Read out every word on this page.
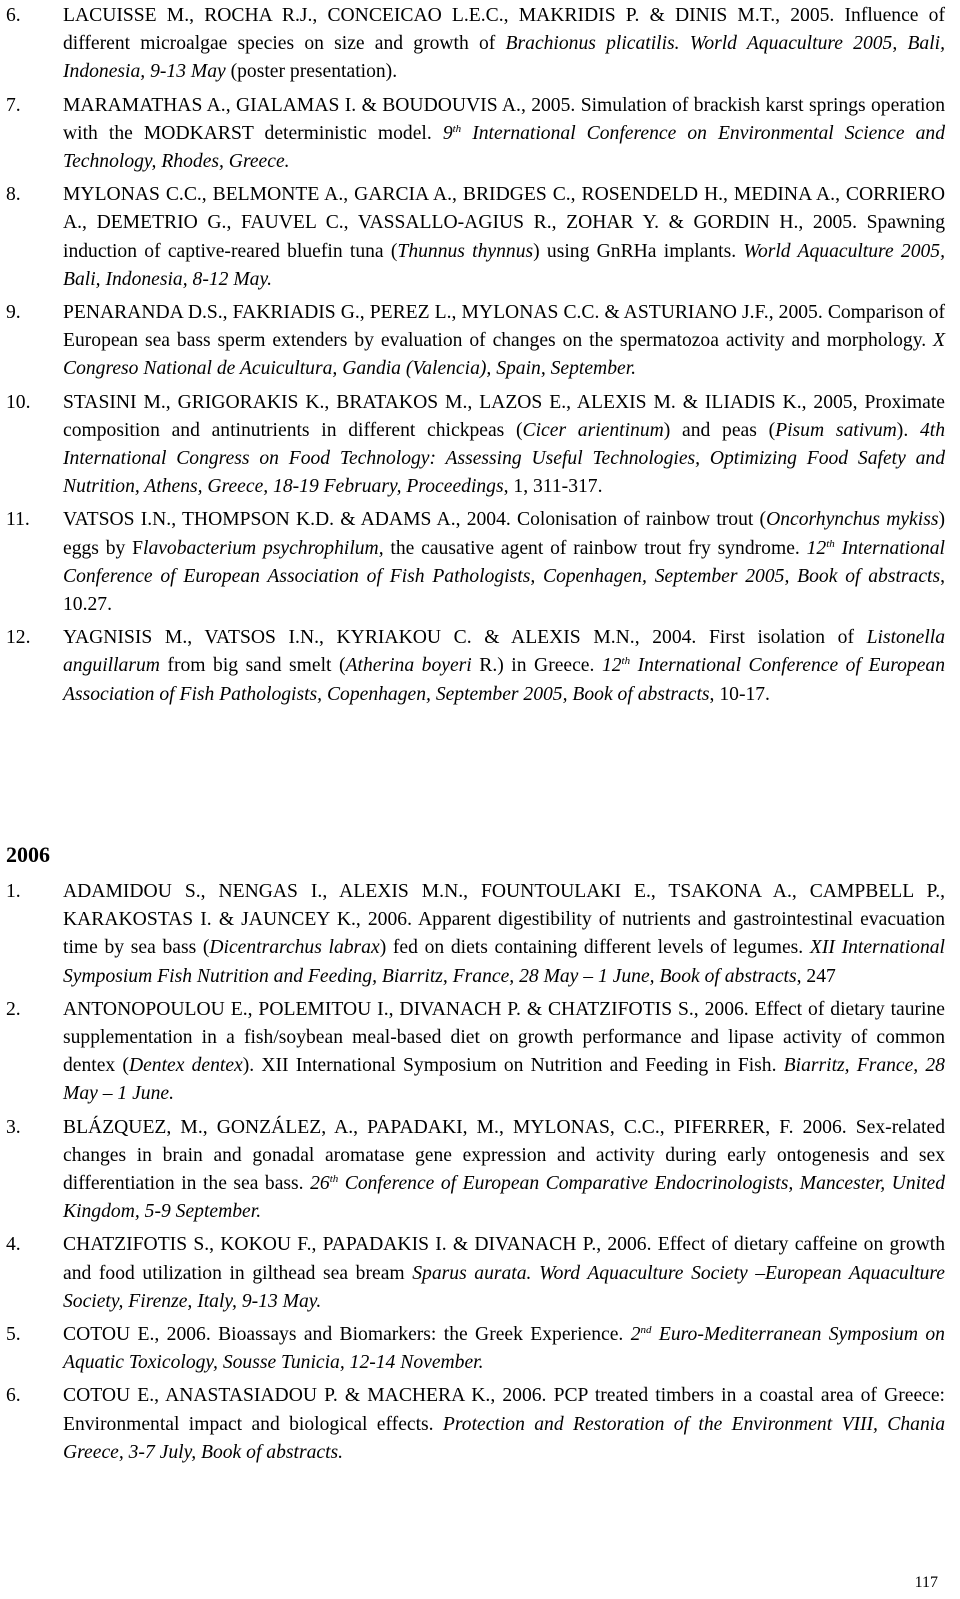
6. LACUISSE M., ROCHA R.J., CONCEICAO L.E.C., MAKRIDIS P. & DINIS M.T., 2005. Influence of different microalgae species on size and growth of Brachionus plicatilis. World Aquaculture 2005, Bali, Indonesia, 9-13 May (poster presentation).
7. MARAMATHAS A., GIALAMAS I. & BOUDOUVIS A., 2005. Simulation of brackish karst springs operation with the MODKARST deterministic model. 9th International Conference on Environmental Science and Technology, Rhodes, Greece.
8. MYLONAS C.C., BELMONTE A., GARCIA A., BRIDGES C., ROSENDELD H., MEDINA A., CORRIERO A., DEMETRIO G., FAUVEL C., VASSALLO-AGIUS R., ZOHAR Y. & GORDIN H., 2005. Spawning induction of captive-reared bluefin tuna (Thunnus thynnus) using GnRHa implants. World Aquaculture 2005, Bali, Indonesia, 8-12 May.
9. PENARANDA D.S., FAKRIADIS G., PEREZ L., MYLONAS C.C. & ASTURIANO J.F., 2005. Comparison of European sea bass sperm extenders by evaluation of changes on the spermatozoa activity and morphology. X Congreso National de Acuicultura, Gandia (Valencia), Spain, September.
10. STASINI M., GRIGORAKIS K., BRATAKOS M., LAZOS E., ALEXIS M. & ILIADIS K., 2005, Proximate composition and antinutrients in different chickpeas (Cicer arientinum) and peas (Pisum sativum). 4th International Congress on Food Technology: Assessing Useful Technologies, Optimizing Food Safety and Nutrition, Athens, Greece, 18-19 February, Proceedings, 1, 311-317.
11. VATSOS I.N., THOMPSON K.D. & ADAMS A., 2004. Colonisation of rainbow trout (Oncorhynchus mykiss) eggs by Flavobacterium psychrophilum, the causative agent of rainbow trout fry syndrome. 12th International Conference of European Association of Fish Pathologists, Copenhagen, September 2005, Book of abstracts, 10.27.
12. YAGNISIS M., VATSOS I.N., KYRIAKOU C. & ALEXIS M.N., 2004. First isolation of Listonella anguillarum from big sand smelt (Atherina boyeri R.) in Greece. 12th International Conference of European Association of Fish Pathologists, Copenhagen, September 2005, Book of abstracts, 10-17.
2006
1. ADAMIDOU S., NENGAS I., ALEXIS M.N., FOUNTOULAKI E., TSAKONA A., CAMPBELL P., KARAKOSTAS I. & JAUNCEY K., 2006. Apparent digestibility of nutrients and gastrointestinal evacuation time by sea bass (Dicentrarchus labrax) fed on diets containing different levels of legumes. XII International Symposium Fish Nutrition and Feeding, Biarritz, France, 28 May – 1 June, Book of abstracts, 247
2. ANTONOPOULOU E., POLEMITOU I., DIVANACH P. & CHATZIFOTIS S., 2006. Effect of dietary taurine supplementation in a fish/soybean meal-based diet on growth performance and lipase activity of common dentex (Dentex dentex). XII International Symposium on Nutrition and Feeding in Fish. Biarritz, France, 28 May – 1 June.
3. BLÁZQUEZ, M., GONZÁLEZ, A., PAPADAKI, M., MYLONAS, C.C., PIFERRER, F. 2006. Sex-related changes in brain and gonadal aromatase gene expression and activity during early ontogenesis and sex differentiation in the sea bass. 26th Conference of European Comparative Endocrinologists, Mancester, United Kingdom, 5-9 September.
4. CHATZIFOTIS S., KOKOU F., PAPADAKIS I. & DIVANACH P., 2006. Effect of dietary caffeine on growth and food utilization in gilthead sea bream Sparus aurata. Word Aquaculture Society –European Aquaculture Society, Firenze, Italy, 9-13 May.
5. COTOU E., 2006. Bioassays and Biomarkers: the Greek Experience. 2nd Euro-Mediterranean Symposium on Aquatic Toxicology, Sousse Tunicia, 12-14 November.
6. COTOU E., ANASTASIADOU P. & MACHERA K., 2006. PCP treated timbers in a coastal area of Greece: Environmental impact and biological effects. Protection and Restoration of the Environment VIII, Chania Greece, 3-7 July, Book of abstracts.
117
